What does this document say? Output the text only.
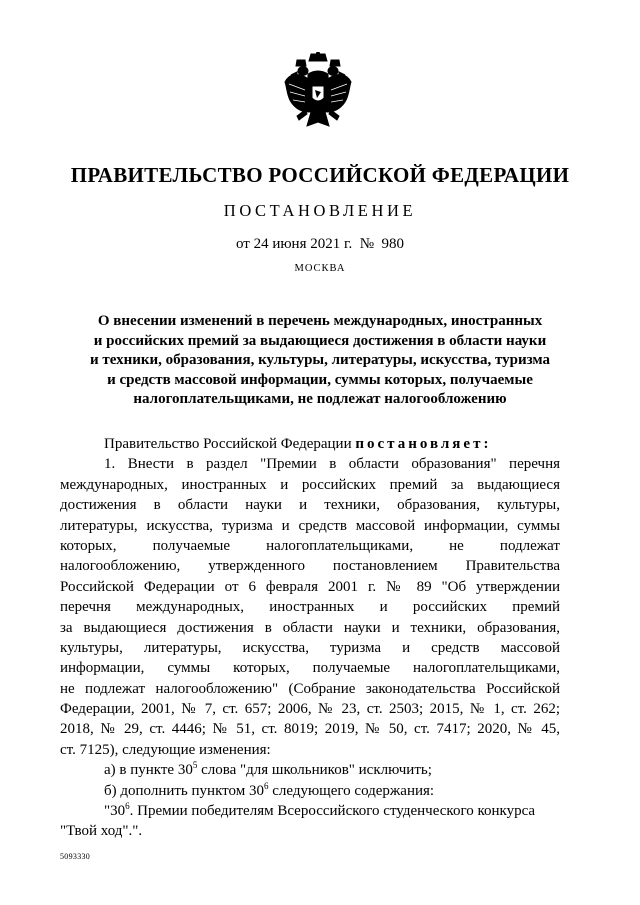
ПРАВИТЕЛЬСТВО РОССИЙСКОЙ ФЕДЕРАЦИИ
ПОСТАНОВЛЕНИЕ
от 24 июня 2021 г.  №  980
МОСКВА
О внесении изменений в перечень международных, иностранных
и российских премий за выдающиеся достижения в области науки
и техники, образования, культуры, литературы, искусства, туризма
и средств массовой информации, суммы которых, получаемые
налогоплательщиками, не подлежат налогообложению
Правительство Российской Федерации постановляет:
1. Внести в раздел "Премии в области образования" перечня
международных, иностранных и российских премий за выдающиеся
достижения в области науки и техники, образования, культуры,
литературы, искусства, туризма и средств массовой информации, суммы
которых, получаемые налогоплательщиками, не подлежат
налогообложению, утвержденного постановлением Правительства
Российской Федерации от 6 февраля 2001 г. № 89 "Об утверждении
перечня международных, иностранных и российских премий
за выдающиеся достижения в области науки и техники, образования,
культуры, литературы, искусства, туризма и средств массовой
информации, суммы которых, получаемые налогоплательщиками,
не подлежат налогообложению" (Собрание законодательства Российской
Федерации, 2001, № 7, ст. 657; 2006, № 23, ст. 2503; 2015, № 1, ст. 262;
2018, № 29, ст. 4446; № 51, ст. 8019; 2019, № 50, ст. 7417; 2020, № 45,
ст. 7125), следующие изменения:
а) в пункте $30^5$ слова "для школьников" исключить;
б) дополнить пунктом $30^6$ следующего содержания:
"$30^6$. Премии победителям Всероссийского студенческого конкурса
"Твой ход".".
5093330
